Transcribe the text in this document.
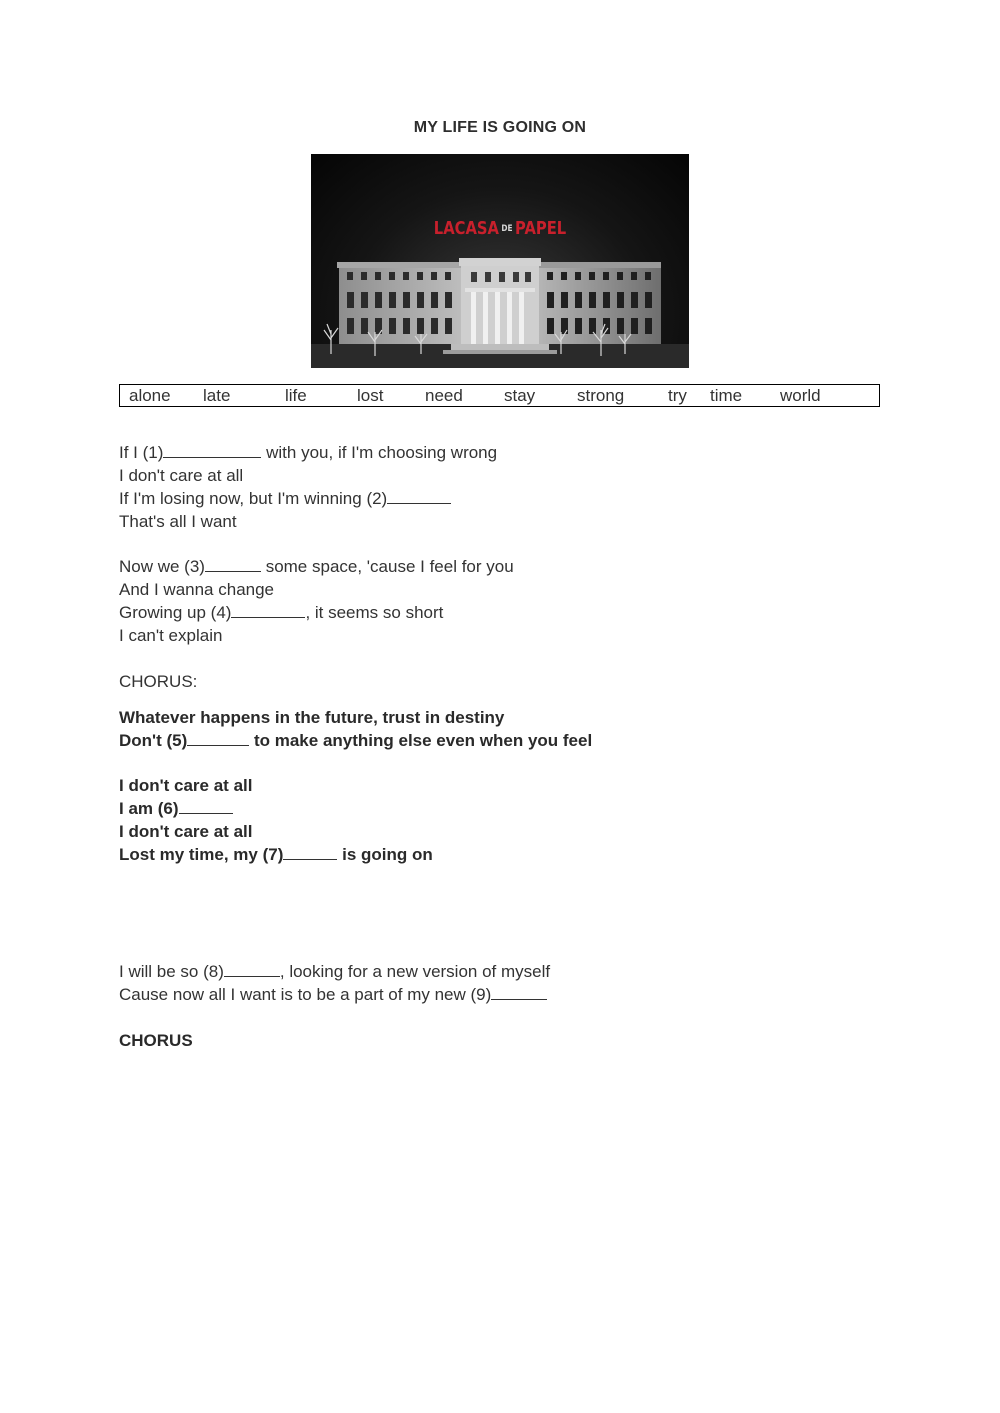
MY LIFE IS GOING ON
LACASA DE PAPEL
alone late	life	lost need stay strong	try time world
If I (1)	with you, if I'm choosing wrong
I don't care at all
If I'm losing now, but I'm winning (2)
That's all I want
Now we (3)	some space, 'cause I feel for you
And I wanna change
Growing up (4)	, it seems so short
I can't explain
CHORUS:
Whatever happens in the future, trust in destiny
Don't (5)	to make anything else even when you feel
I don't care at all
I am (6)
I don't care at all
Lost my time, my (7)	is going on
I will be so (8)	, looking for a new version of myself
Cause now all I want is to be a part of my new (9)
CHORUS
